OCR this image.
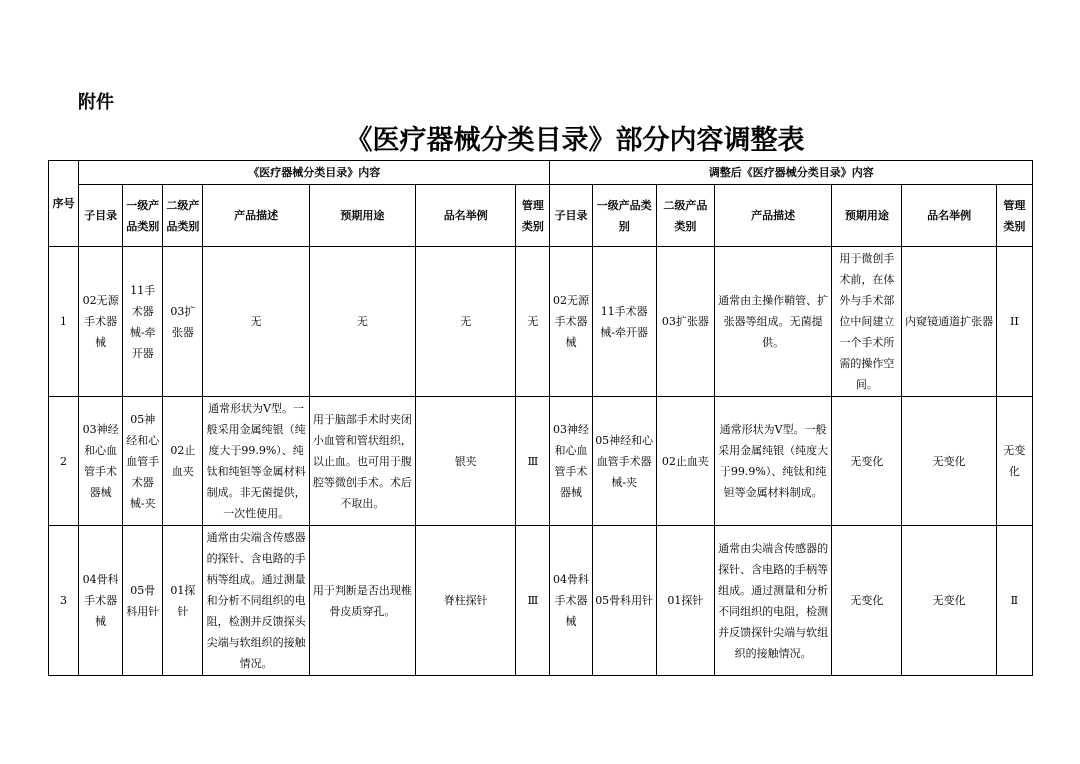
附件
《医疗器械分类目录》部分内容调整表
序号	《医疗器械分类目录》内容							调整后《医疗器械分类目录》内容						
	子目录	一级产品类别	二级产品类别	产品描述	预期用途	品名举例	管理类别	子目录	一级产品类别	二级产品类别	产品描述	预期用途	品名举例	管理类别
1	02无源手术器械	11手术器械-牵开器	03扩张器	无	无	无	无	02无源手术器械	11手术器械-牵开器	03扩张器	通常由主操作鞘管、扩张器等组成。无菌提供。	用于微创手术前，在体外与手术部位中间建立一个手术所需的操作空间。	内窥镜通道扩张器	II
2	03神经和心血管手术器械	05神经和心血管手术器械-夹	02止血夹	通常形状为V型。一般采用金属纯银（纯度大于99.9%）、纯钛和纯钽等金属材料制成。非无菌提供，一次性使用。	用于脑部手术时夹闭小血管和管状组织，以止血。也可用于腹腔等微创手术。术后不取出。	银夹	Ⅲ	03神经和心血管手术器械	05神经和心血管手术器械-夹	02止血夹	通常形状为V型。一般采用金属纯银（纯度大于99.9%）、纯钛和纯钽等金属材料制成。	无变化	无变化	无变化
3	04骨科手术器械	05骨科用针	01探针	通常由尖端含传感器的探针、含电路的手柄等组成。通过测量和分析不同组织的电阻，检测并反馈探头尖端与软组织的接触情况。	用于判断是否出现椎骨皮质穿孔。	脊柱探针	Ⅲ	04骨科手术器械	05骨科用针	01探针	通常由尖端含传感器的探针、含电路的手柄等组成。通过测量和分析不同组织的电阻，检测并反馈探针尖端与软组织的接触情况。	无变化	无变化	Ⅱ
